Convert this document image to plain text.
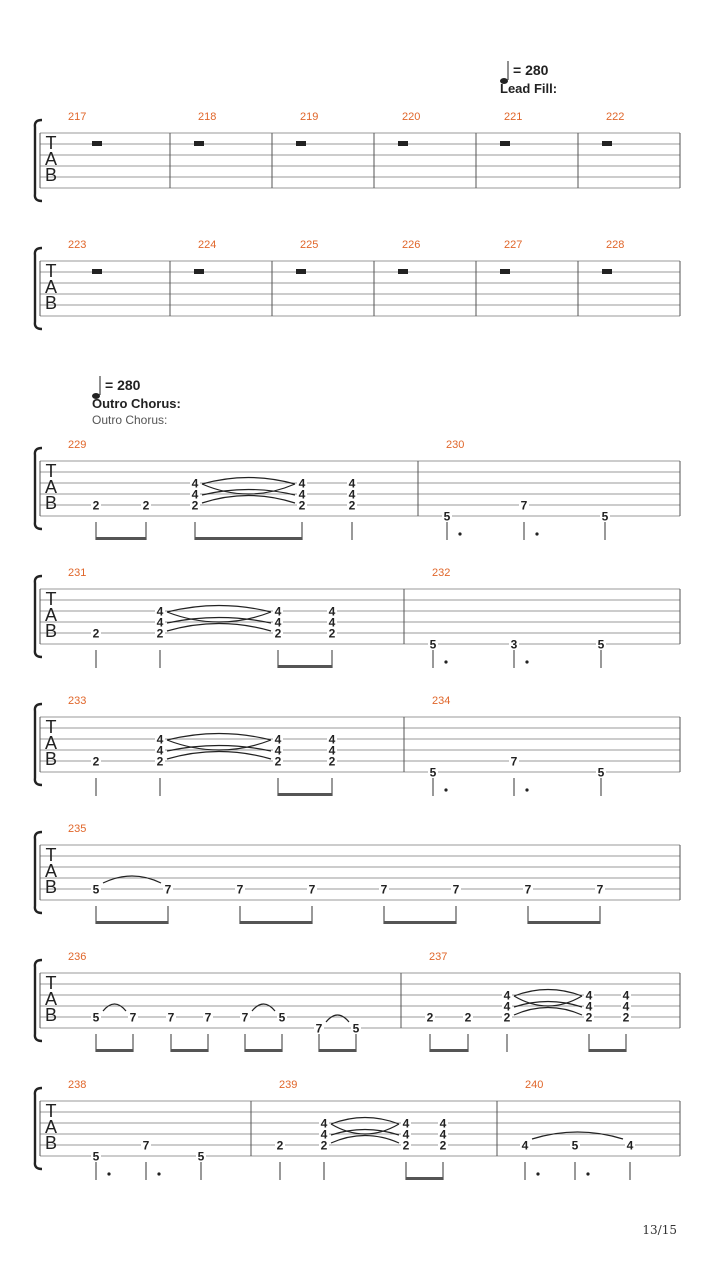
T
A
B
217	218	219	220	221	222
T
A
B
223	224	225	226	227	228
T
A
B
229
2	2
4
4
2
4
4
2
4
4
2
230
5
7
5
T
A
B
231
2
4
4
2
4
4
2
4
4
2
232
5	3	5
T
A
B
233
2
4
4
2
4
4
2
4
4
2
234
5
7
5
T
A
B
235
5	7	7	7	7	7	7	7
T
A
B
236
5	7	7	7	7	5
7	5
237
2	2
4
4
2
4
4
2
4
4
2
T
A
B
238
5
7
5
239
2
4
4
2
4
4
2
4
4
2
240
4	5	4
= 280
Lead Fill:
= 280
Outro Chorus:
Outro Chorus:
13/15
